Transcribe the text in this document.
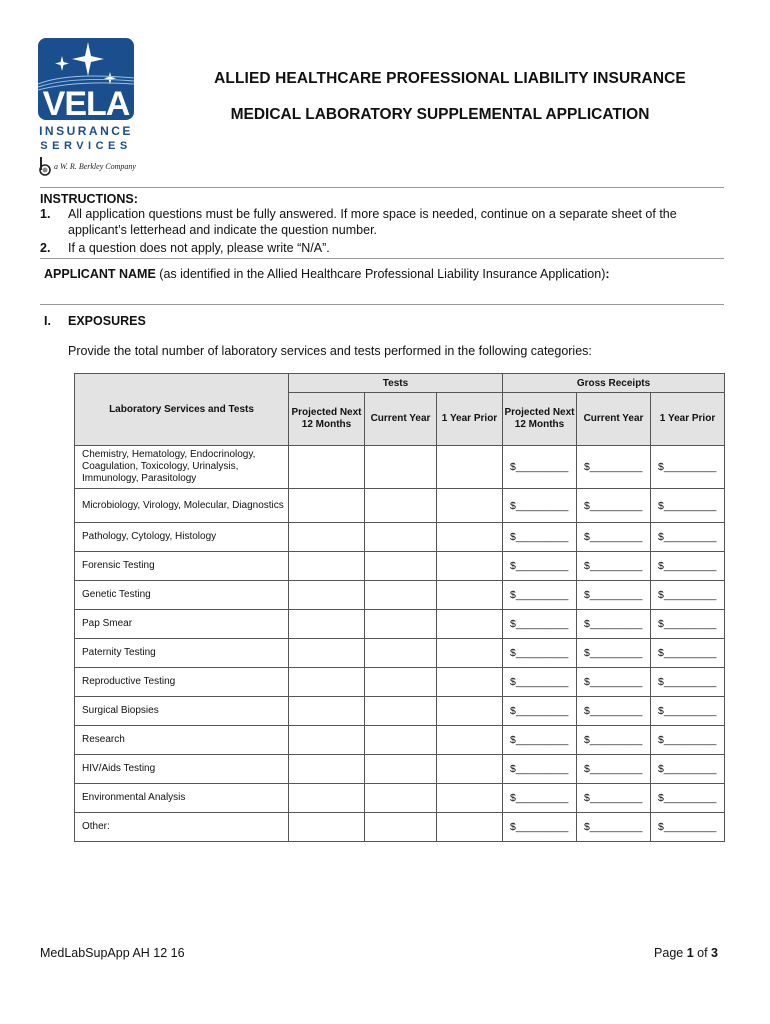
VELA
INSURANCE
SERVICES
a W. R. Berkley Company
ALLIED HEALTHCARE PROFESSIONAL LIABILITY INSURANCE
MEDICAL LABORATORY SUPPLEMENTAL APPLICATION
INSTRUCTIONS:
1. All application questions must be fully answered. If more space is needed, continue on a separate sheet of the
applicant’s letterhead and indicate the question number.
2. If a question does not apply, please write “N/A”.
APPLICANT NAME (as identified in the Allied Healthcare Professional Liability Insurance Application):
I. EXPOSURES
Provide the total number of laboratory services and tests performed in the following categories:
Laboratory Services and Tests	Tests			Gross Receipts		
	Projected Next 12 Months	Current Year	1 Year Prior	Projected Next 12 Months	Current Year	1 Year Prior
Chemistry, Hematology, Endocrinology, Coagulation, Toxicology, Urinalysis, Immunology, Parasitology				$_________	$_________	$_________
Microbiology, Virology, Molecular, Diagnostics				$_________	$_________	$_________
Pathology, Cytology, Histology				$_________	$_________	$_________
Forensic Testing				$_________	$_________	$_________
Genetic Testing				$_________	$_________	$_________
Pap Smear				$_________	$_________	$_________
Paternity Testing				$_________	$_________	$_________
Reproductive Testing				$_________	$_________	$_________
Surgical Biopsies				$_________	$_________	$_________
Research				$_________	$_________	$_________
HIV/Aids Testing				$_________	$_________	$_________
Environmental Analysis				$_________	$_________	$_________
Other:				$_________	$_________	$_________
MedLabSupApp AH 12 16	Page 1 of 3
